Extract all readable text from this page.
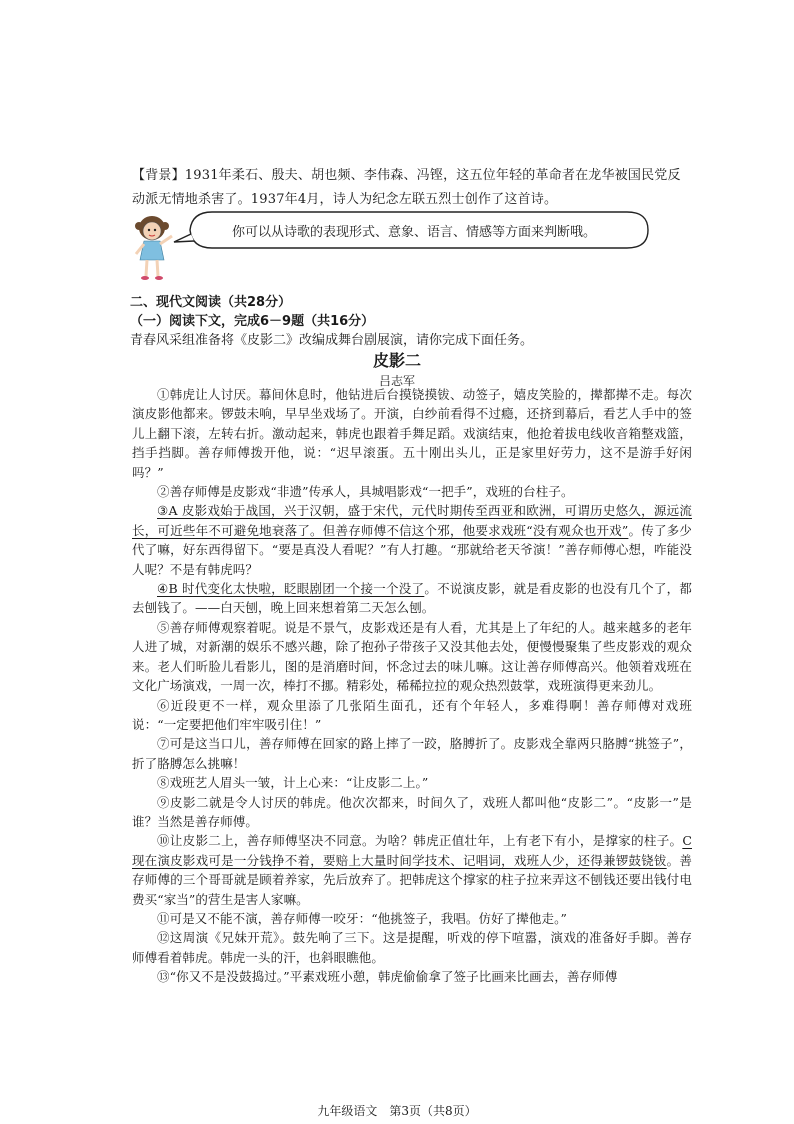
【背景】1931年柔石、殷夫、胡也频、李伟森、冯铿，这五位年轻的革命者在龙华被国民党反动派无情地杀害了。1937年4月，诗人为纪念左联五烈士创作了这首诗。
你可以从诗歌的表现形式、意象、语言、情感等方面来判断哦。
二、现代文阅读（共28分）
（一）阅读下文，完成6－9题（共16分）
青春风采组准备将《皮影二》改编成舞台剧展演，请你完成下面任务。
皮影二
吕志军

①韩虎让人讨厌。幕间休息时，他钻进后台摸铙摸钹、动签子，嬉皮笑脸的，撵都撵不走。每次演皮影他都来。锣鼓未响，早早坐戏场了。开演，白纱前看得不过瘾，还挤到幕后，看艺人手中的签儿上翻下滚，左转右折。激动起来，韩虎也跟着手舞足蹈。戏演结束，他抢着拔电线收音箱整戏篮，挡手挡脚。善存师傅拨开他，说：“迟早滚蛋。五十刚出头儿，正是家里好劳力，这不是游手好闲吗？”

②善存师傅是皮影戏“非遗”传承人，具城唱影戏“一把手”，戏班的台柱子。

③A 皮影戏始于战国，兴于汉朝，盛于宋代，元代时期传至西亚和欧洲，可谓历史悠久，源远流长，可近些年不可避免地衰落了。但善存师傅不信这个邪，他要求戏班“没有观众也开戏”。传了多少代了嘛，好东西得留下。“要是真没人看呢？”有人打趣。“那就给老天爷演！”善存师傅心想，咋能没人呢？不是有韩虎吗？

④B 时代变化太快啦，眨眼剧团一个接一个没了。不说演皮影，就是看皮影的也没有几个了，都去刨钱了。——白天刨，晚上回来想着第二天怎么刨。

⑤善存师傅观察着呢。说是不景气，皮影戏还是有人看，尤其是上了年纪的人。越来越多的老年人进了城，对新潮的娱乐不感兴趣，除了抱孙子带孩子又没其他去处，便慢慢聚集了些皮影戏的观众来。老人们昕脸儿看影儿，图的是消磨时间，怀念过去的味儿嘛。这让善存师傅高兴。他领着戏班在文化广场演戏，一周一次，棒打不挪。精彩处，稀稀拉拉的观众热烈鼓掌，戏班演得更来劲儿。

⑥近段更不一样，观众里添了几张陌生面孔，还有个年轻人，多难得啊！善存师傅对戏班说：“一定要把他们牢牢吸引住！”

⑦可是这当口儿，善存师傅在回家的路上摔了一跤，胳膊折了。皮影戏全靠两只胳膊“挑签子”，折了胳膊怎么挑嘛！

⑧戏班艺人眉头一皱，计上心来：“让皮影二上。”

⑨皮影二就是令人讨厌的韩虎。他次次都来，时间久了，戏班人都叫他“皮影二”。“皮影一”是谁？当然是善存师傅。

⑩让皮影二上，善存师傅坚决不同意。为啥？韩虎正值壮年，上有老下有小，是撑家的柱子。C 现在演皮影戏可是一分钱挣不着，要赔上大量时间学技术、记唱词，戏班人少，还得兼锣鼓铙钹。善存师傅的三个哥哥就是顾着养家，先后放弃了。把韩虎这个撑家的柱子拉来弄这不刨钱还要出钱付电费买“家当”的营生是害人家嘛。

⑪可是又不能不演，善存师傅一咬牙：“他挑签子，我唱。仿好了撵他走。”

⑫这周演《兄妹开荒》。鼓先响了三下。这是提醒，听戏的停下喧嚣，演戏的准备好手脚。善存师傅看着韩虎。韩虎一头的汗，也斜眼瞧他。

⑬“你又不是没鼓捣过。”平素戏班小憩，韩虎偷偷拿了签子比画来比画去，善存师傅

九年级语文　第3页（共8页）
